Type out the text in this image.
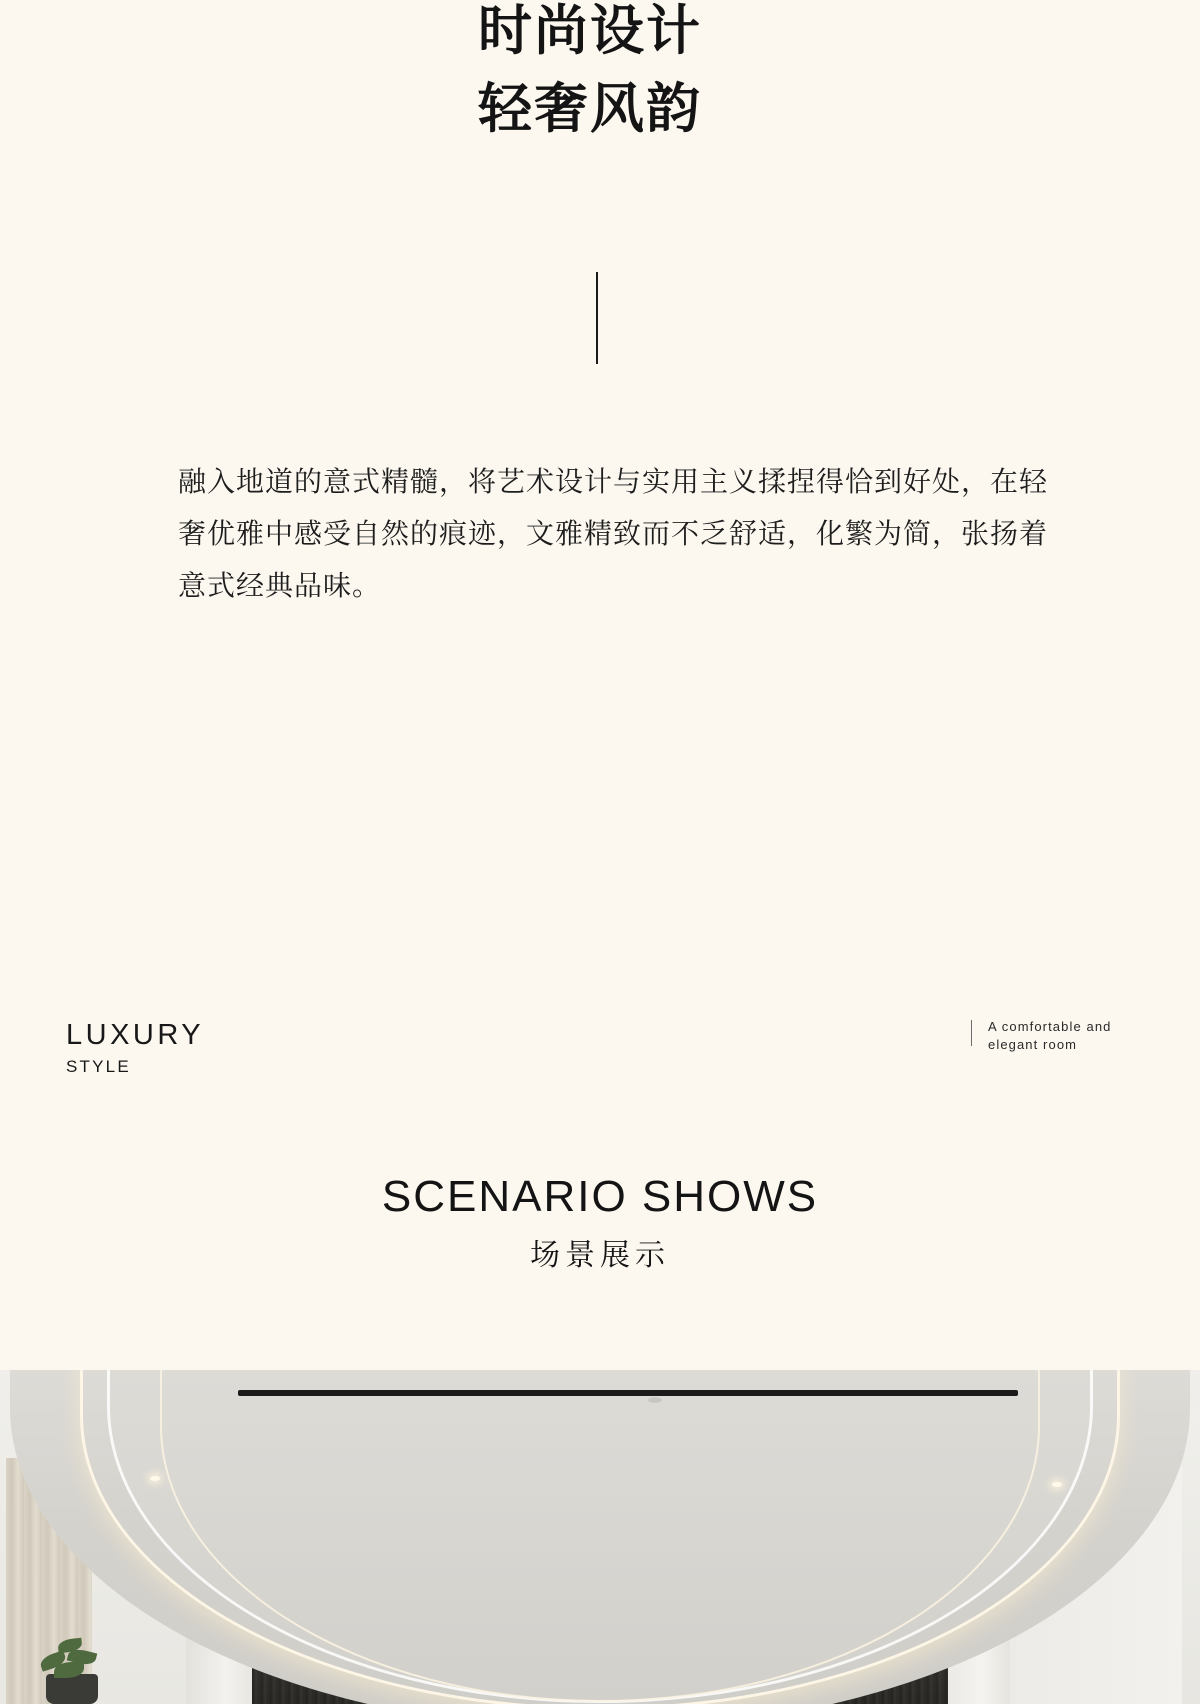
时尚设计
轻奢风韵
融入地道的意式精髓，将艺术设计与实用主义揉捏得恰到好处，在轻奢优雅中感受自然的痕迹，文雅精致而不乏舒适，化繁为简，张扬着意式经典品味。
LUXURY
STYLE
A comfortable and elegant room
SCENARIO SHOWS
场景展示
